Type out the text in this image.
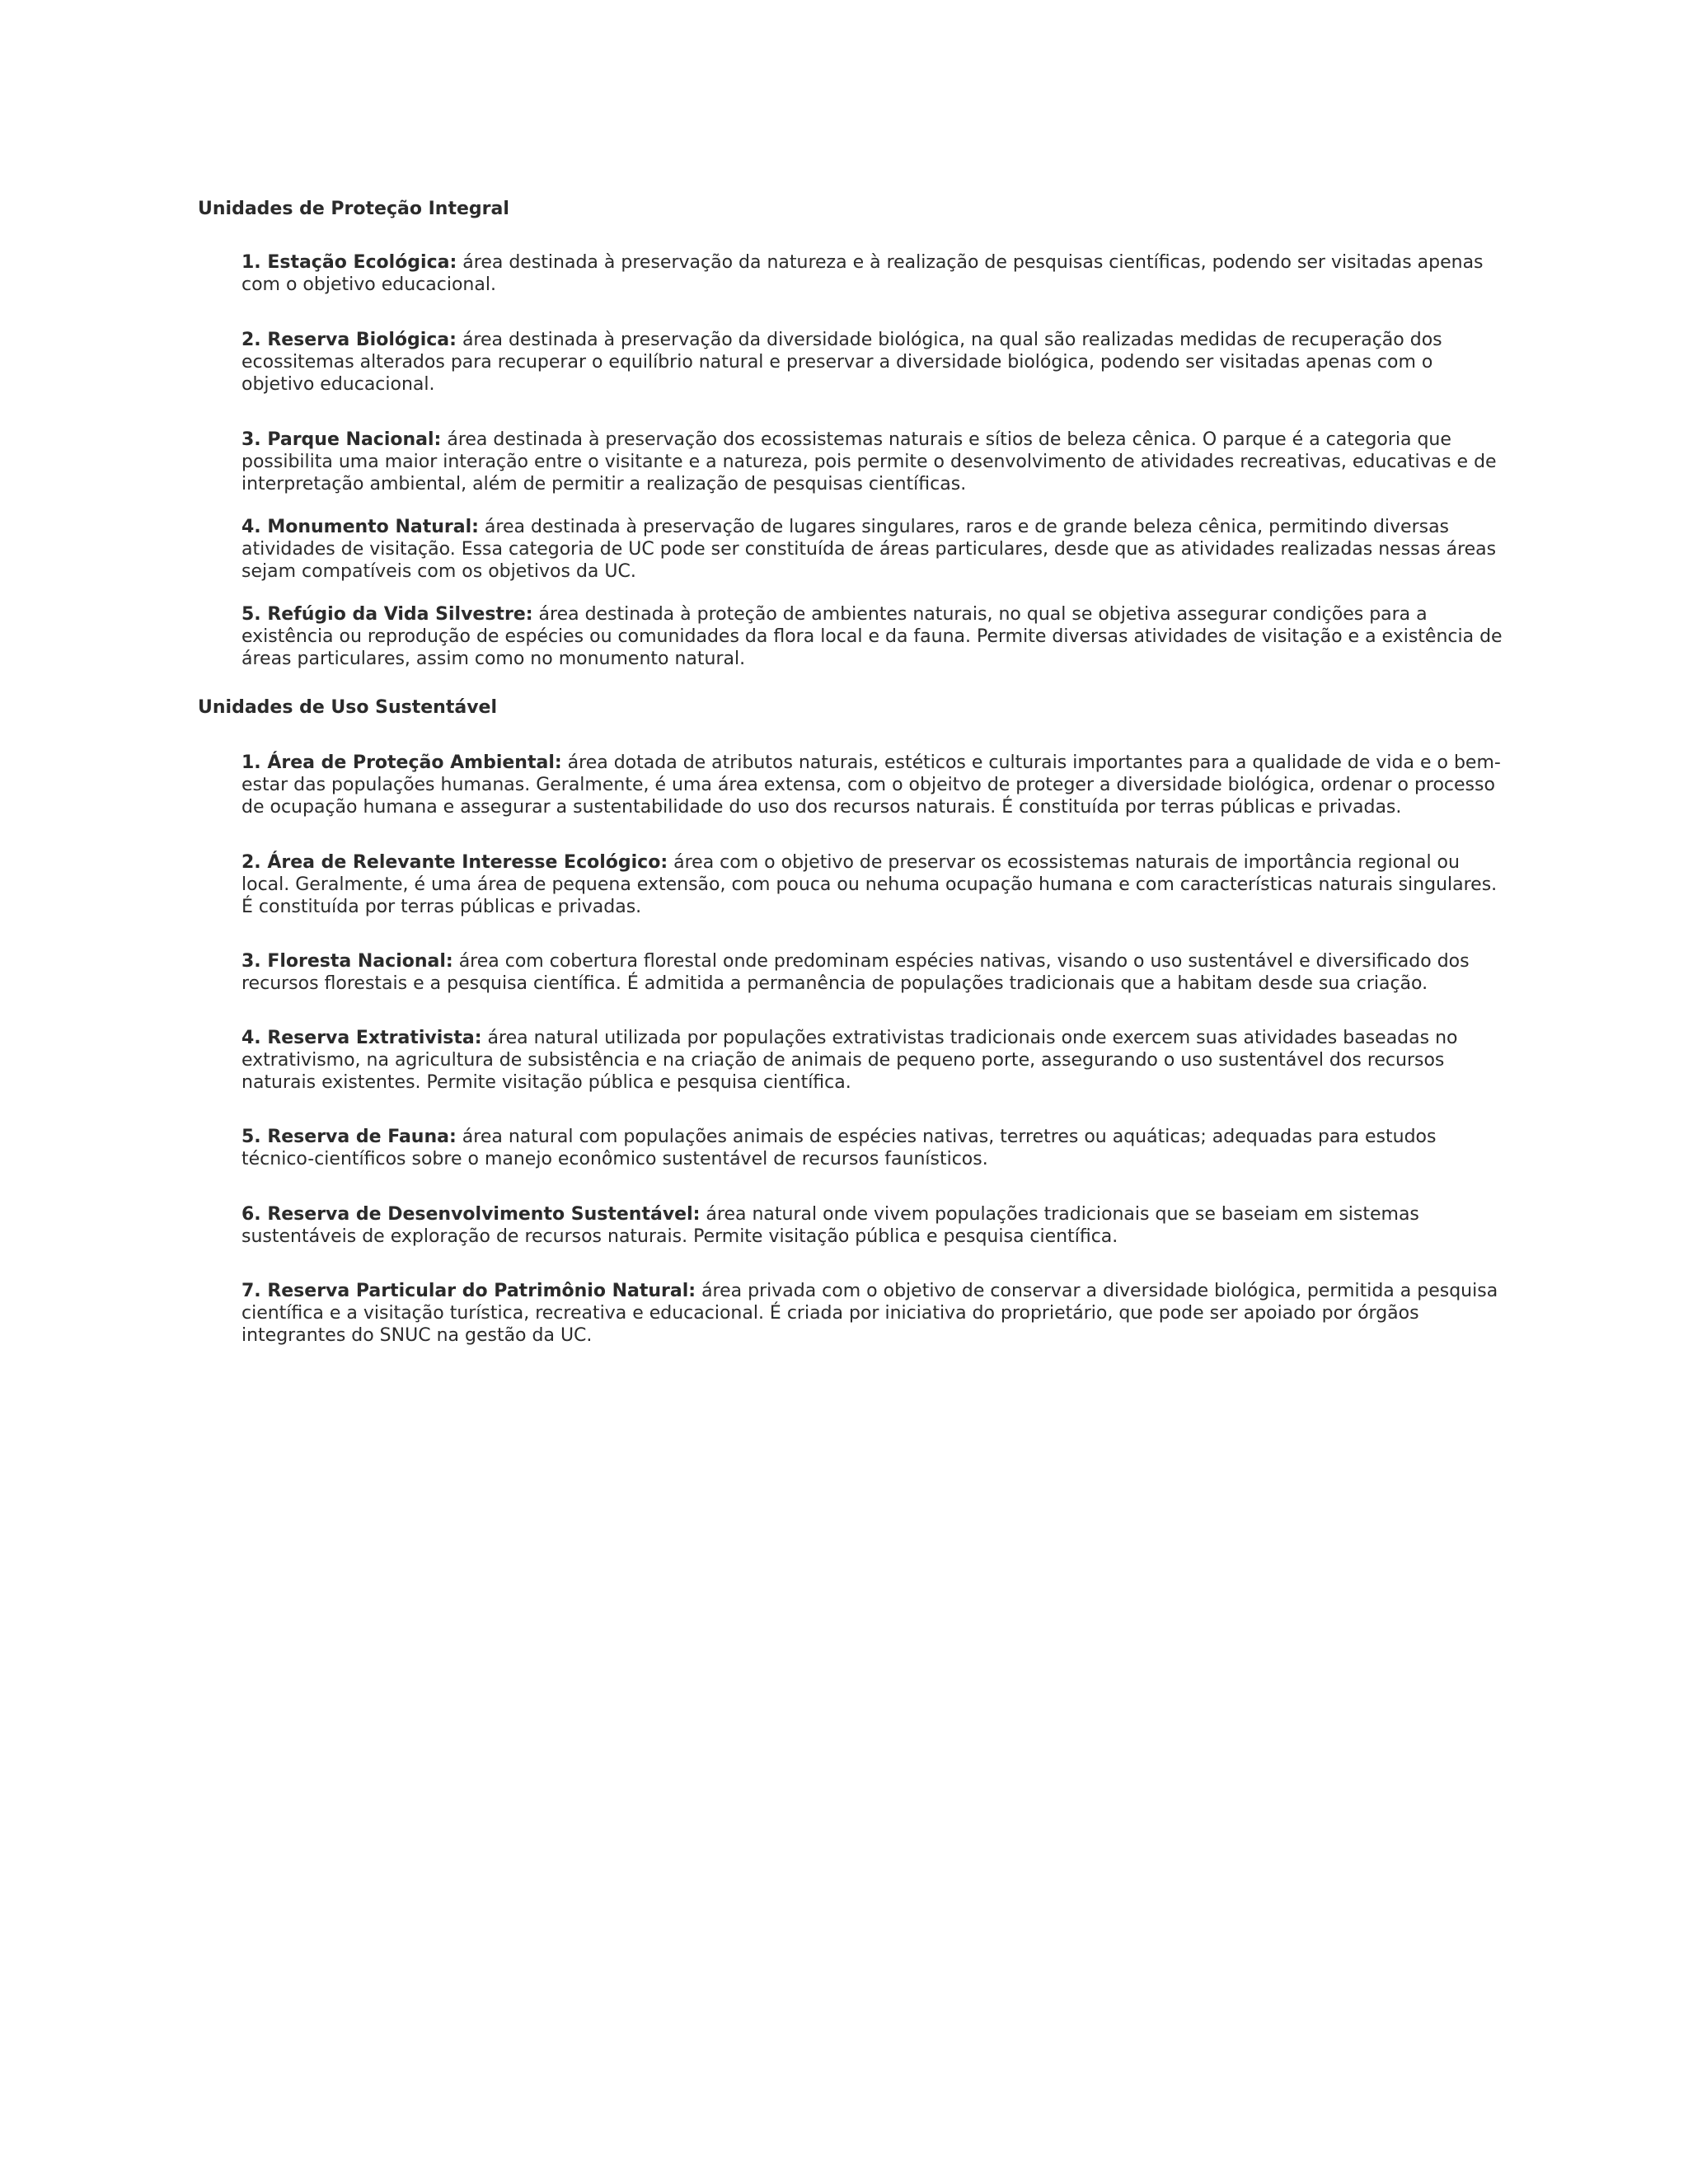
Unidades de Proteção Integral

1. Estação Ecológica: área destinada à preservação da natureza e à realização de pesquisas científicas, podendo ser visitadas apenas com o objetivo educacional.

2. Reserva Biológica: área destinada à preservação da diversidade biológica, na qual são realizadas medidas de recuperação dos ecossitemas alterados para recuperar o equilíbrio natural e preservar a diversidade biológica, podendo ser visitadas apenas com o objetivo educacional.

3. Parque Nacional: área destinada à preservação dos ecossistemas naturais e sítios de beleza cênica. O parque é a categoria que possibilita uma maior interação entre o visitante e a natureza, pois permite o desenvolvimento de atividades recreativas, educativas e de interpretação ambiental, além de permitir a realização de pesquisas científicas.

4. Monumento Natural: área destinada à preservação de lugares singulares, raros e de grande beleza cênica, permitindo diversas atividades de visitação. Essa categoria de UC pode ser constituída de áreas particulares, desde que as atividades realizadas nessas áreas sejam compatíveis com os objetivos da UC.

5. Refúgio da Vida Silvestre: área destinada à proteção de ambientes naturais, no qual se objetiva assegurar condições para a existência ou reprodução de espécies ou comunidades da flora local e da fauna. Permite diversas atividades de visitação e a existência de áreas particulares, assim como no monumento natural.

Unidades de Uso Sustentável

1. Área de Proteção Ambiental: área dotada de atributos naturais, estéticos e culturais importantes para a qualidade de vida e o bem-estar das populações humanas. Geralmente, é uma área extensa, com o objeitvo de proteger a diversidade biológica, ordenar o processo de ocupação humana e assegurar a sustentabilidade do uso dos recursos naturais. É constituída por terras públicas e privadas.

2. Área de Relevante Interesse Ecológico: área com o objetivo de preservar os ecossistemas naturais de importância regional ou local. Geralmente, é uma área de pequena extensão, com pouca ou nehuma ocupação humana e com características naturais singulares. É constituída por terras públicas e privadas.

3. Floresta Nacional: área com cobertura florestal onde predominam espécies nativas, visando o uso sustentável e diversificado dos recursos florestais e a pesquisa científica. É admitida a permanência de populações tradicionais que a habitam desde sua criação.

4. Reserva Extrativista: área natural utilizada por populações extrativistas tradicionais onde exercem suas atividades baseadas no extrativismo, na agricultura de subsistência e na criação de animais de pequeno porte, assegurando o uso sustentável dos recursos naturais existentes. Permite visitação pública e pesquisa científica.

5. Reserva de Fauna: área natural com populações animais de espécies nativas, terretres ou aquáticas; adequadas para estudos técnico-científicos sobre o manejo econômico sustentável de recursos faunísticos.

6. Reserva de Desenvolvimento Sustentável: área natural onde vivem populações tradicionais que se baseiam em sistemas sustentáveis de exploração de recursos naturais. Permite visitação pública e pesquisa científica.

7. Reserva Particular do Patrimônio Natural: área privada com o objetivo de conservar a diversidade biológica, permitida a pesquisa científica e a visitação turística, recreativa e educacional. É criada por iniciativa do proprietário, que pode ser apoiado por órgãos integrantes do SNUC na gestão da UC.
